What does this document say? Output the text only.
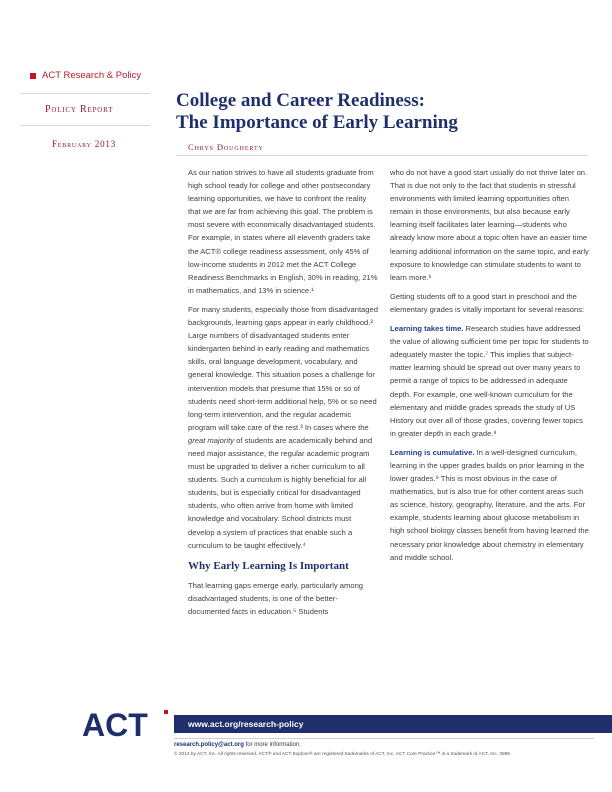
ACT Research & Policy
Policy Report
February 2013
College and Career Readiness:
The Importance of Early Learning
Chrys Dougherty

As our nation strives to have all students graduate from high school ready for college and other postsecondary learning opportunities, we have to confront the reality that we are far from achieving this goal. The problem is most severe with economically disadvantaged students. For example, in states where all eleventh graders take the ACT® college readiness assessment, only 45% of low-income students in 2012 met the ACT College Readiness Benchmarks in English, 30% in reading, 21% in mathematics, and 13% in science.¹

For many students, especially those from disadvantaged backgrounds, learning gaps appear in early childhood.² Large numbers of disadvantaged students enter kindergarten behind in early reading and mathematics skills, oral language development, vocabulary, and general knowledge. This situation poses a challenge for intervention models that presume that 15% or so of students need short-term additional help, 5% or so need long-term intervention, and the regular academic program will take care of the rest.³ In cases where the great majority of students are academically behind and need major assistance, the regular academic program must be upgraded to deliver a richer curriculum to all students. Such a curriculum is highly beneficial for all students, but is especially critical for disadvantaged students, who often arrive from home with limited knowledge and vocabulary. School districts must develop a system of practices that enable such a curriculum to be taught effectively.⁴

Why Early Learning Is Important

That learning gaps emerge early, particularly among disadvantaged students, is one of the better-documented facts in education.⁵ Students

who do not have a good start usually do not thrive later on. That is due not only to the fact that students in stressful environments with limited learning opportunities often remain in those environments, but also because early learning itself facilitates later learning—students who already know more about a topic often have an easier time learning additional information on the same topic, and early exposure to knowledge can stimulate students to want to learn more.⁶

Getting students off to a good start in preschool and the elementary grades is vitally important for several reasons:

Learning takes time. Research studies have addressed the value of allowing sufficient time per topic for students to adequately master the topic.⁷ This implies that subject-matter learning should be spread out over many years to permit a range of topics to be addressed in adequate depth. For example, one well-known curriculum for the elementary and middle grades spreads the study of US History out over all of those grades, covering fewer topics in greater depth in each grade.⁸

Learning is cumulative. In a well-designed curriculum, learning in the upper grades builds on prior learning in the lower grades.⁹ This is most obvious in the case of mathematics, but is also true for other content areas such as science, history, geography, literature, and the arts. For example, students learning about glucose metabolism in high school biology classes benefit from having learned the necessary prior knowledge about chemistry in elementary and middle school.

ACT	www.act.org/research-policy
research.policy@act.org for more information.
© 2013 by ACT, Inc. All rights reserved. ACT® and ACT Explore® are registered trademarks of ACT, Inc. ACT Core Practice™ is a trademark of ACT, Inc. 3899
